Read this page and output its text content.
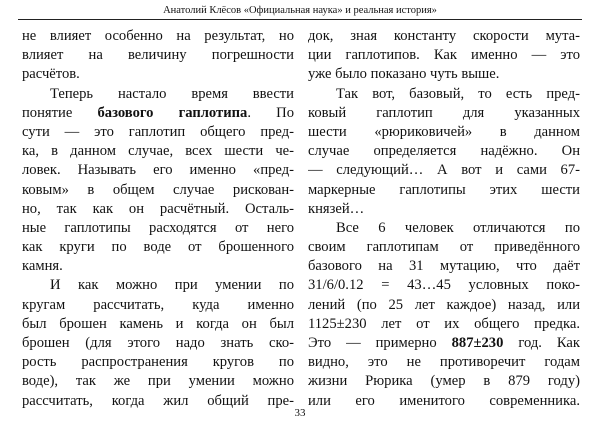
Анатолий Клёсов «Официальная наука» и реальная история»
не влияет особенно на результат, но
влияет на величину погрешности
расчётов.
Теперь настало время ввести
понятие базового гаплотипа. По
сути — это гаплотип общего пред-
ка, в данном случае, всех шести че-
ловек. Называть его именно «пред-
ковым» в общем случае рискован-
но, так как он расчётный. Осталь-
ные гаплотипы расходятся от него
как круги по воде от брошенного
камня.
И как можно при умении по
кругам рассчитать, куда именно
был брошен камень и когда он был
брошен (для этого надо знать ско-
рость распространения кругов по
воде), так же при умении можно
рассчитать, когда жил общий пре-
док, зная константу скорости мута-
ции гаплотипов. Как именно — это
уже было показано чуть выше.
Так вот, базовый, то есть пред-
ковый гаплотип для указанных
шести «рюриковичей» в данном
случае определяется надёжно. Он
— следующий… А вот и сами 67-
маркерные гаплотипы этих шести
князей…
Все 6 человек отличаются по
своим гаплотипам от приведённого
базового на 31 мутацию, что даёт
31/6/0.12 = 43…45 условных поко-
лений (по 25 лет каждое) назад, или
1125±230 лет от их общего предка.
Это — примерно 887±230 год. Как
видно, это не противоречит годам
жизни Рюрика (умер в 879 году)
или его именитого современника.
33
